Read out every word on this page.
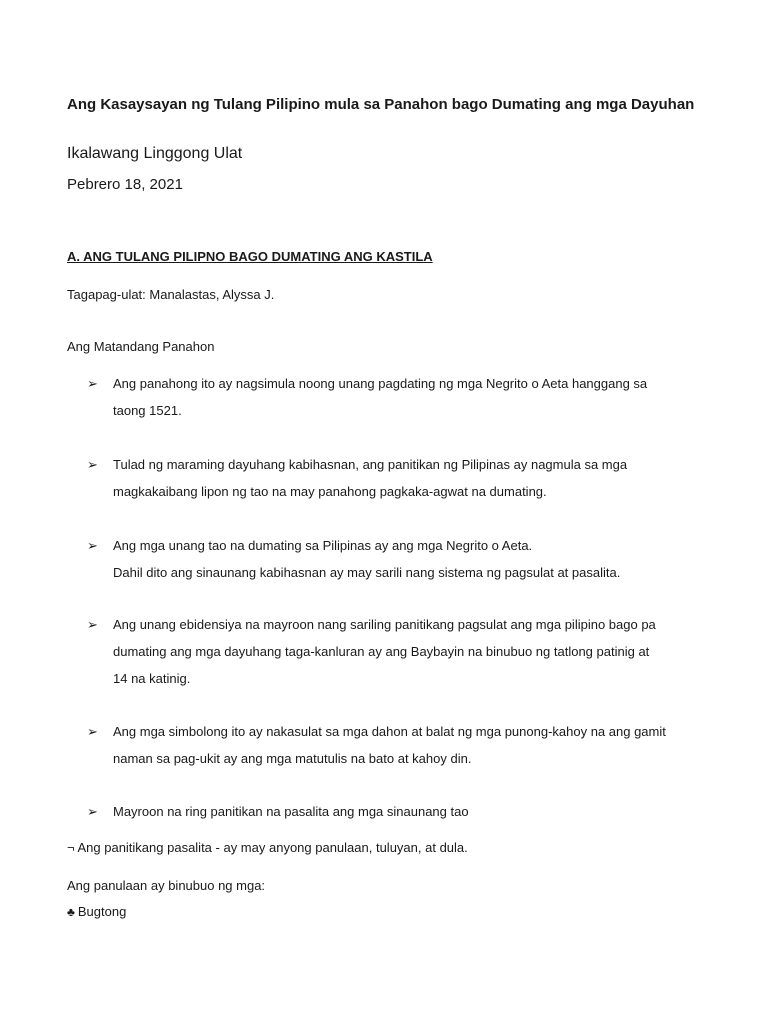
Ang Kasaysayan ng Tulang Pilipino mula sa Panahon bago Dumating ang mga Dayuhan
Ikalawang Linggong Ulat
Pebrero 18, 2021
A. ANG TULANG PILIPNO BAGO DUMATING ANG KASTILA
Tagapag-ulat: Manalastas, Alyssa J.
Ang Matandang Panahon
➢ Ang panahong ito ay nagsimula noong unang pagdating ng mga Negrito o Aeta hanggang sa
taong 1521.
➢ Tulad ng maraming dayuhang kabihasnan, ang panitikan ng Pilipinas ay nagmula sa mga
magkakaibang lipon ng tao na may panahong pagkaka-agwat na dumating.
➢ Ang mga unang tao na dumating sa Pilipinas ay ang mga Negrito o Aeta.
Dahil dito ang sinaunang kabihasnan ay may sarili nang sistema ng pagsulat at pasalita.
➢ Ang unang ebidensiya na mayroon nang sariling panitikang pagsulat ang mga pilipino bago pa
dumating ang mga dayuhang taga-kanluran ay ang Baybayin na binubuo ng tatlong patinig at
14 na katinig.
➢ Ang mga simbolong ito ay nakasulat sa mga dahon at balat ng mga punong-kahoy na ang gamit
naman sa pag-ukit ay ang mga matutulis na bato at kahoy din.
➢ Mayroon na ring panitikan na pasalita ang mga sinaunang tao
¬ Ang panitikang pasalita - ay may anyong panulaan, tuluyan, at dula.
Ang panulaan ay binubuo ng mga:
♣ Bugtong
